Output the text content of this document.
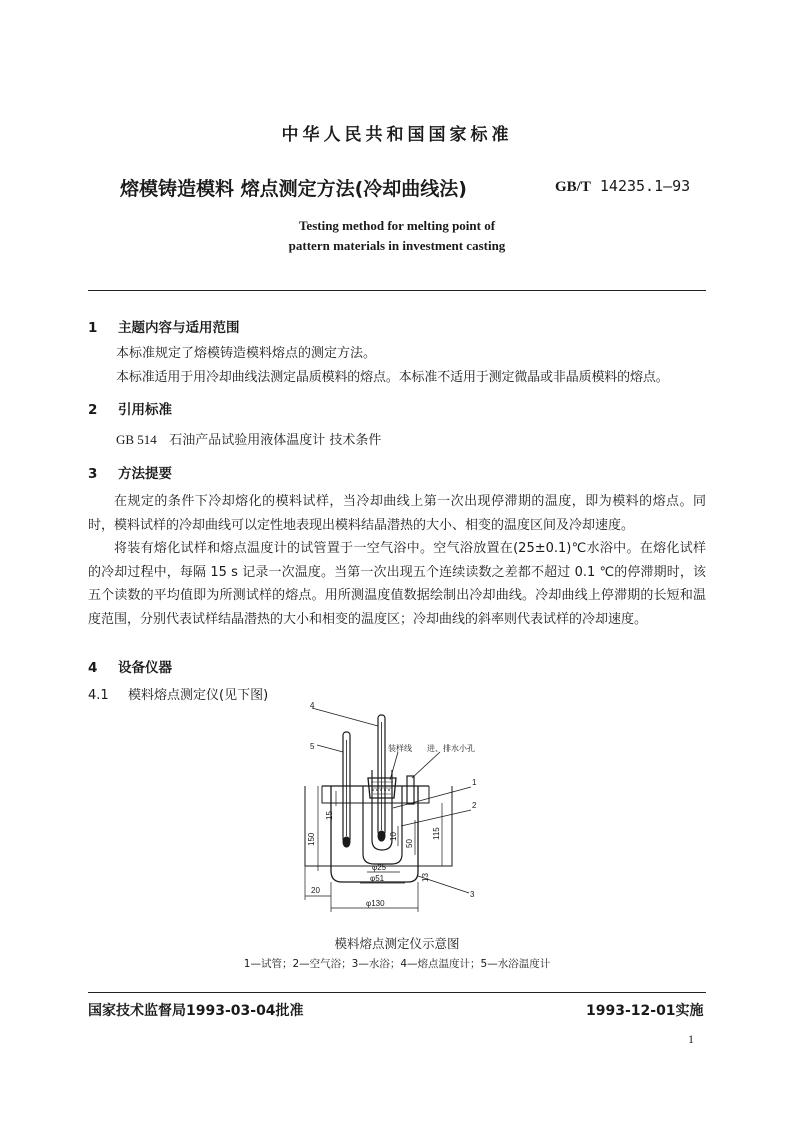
中华人民共和国国家标准
熔模铸造模料 熔点测定方法(冷却曲线法)	GB/T 14235.1—93
Testing method for melting point of
pattern materials in investment casting
1 主题内容与适用范围
本标准规定了熔模铸造模料熔点的测定方法。
本标准适用于用冷却曲线法测定晶质模料的熔点。本标准不适用于测定微晶或非晶质模料的熔点。
2 引用标准
GB 514 石油产品试验用液体温度计 技术条件
3 方法提要
在规定的条件下冷却熔化的模料试样，当冷却曲线上第一次出现停滞期的温度，即为模料的熔点。同时，模料试样的冷却曲线可以定性地表现出模料结晶潜热的大小、相变的温度区间及冷却速度。
将装有熔化试样和熔点温度计的试管置于一空气浴中。空气浴放置在(25±0.1)℃水浴中。在熔化试样的冷却过程中，每隔 15 s 记录一次温度。当第一次出现五个连续读数之差都不超过 0.1 ℃的停滞期时，该五个读数的平均值即为所测试样的熔点。用所测温度值数据绘制出冷却曲线。冷却曲线上停滞期的长短和温度范围，分别代表试样结晶潜热的大小和相变的温度区；冷却曲线的斜率则代表试样的冷却速度。
4 设备仪器
4.1 模料熔点测定仪(见下图)
4
5
1
2
3
装样线 进、排水小孔
150
15
10
50
115
13
20
φ25
φ51
φ130
模料熔点测定仪示意图
1—试管；2—空气浴；3—水浴；4—熔点温度计；5—水浴温度计
国家技术监督局1993-03-04批准	1993-12-01实施
1
